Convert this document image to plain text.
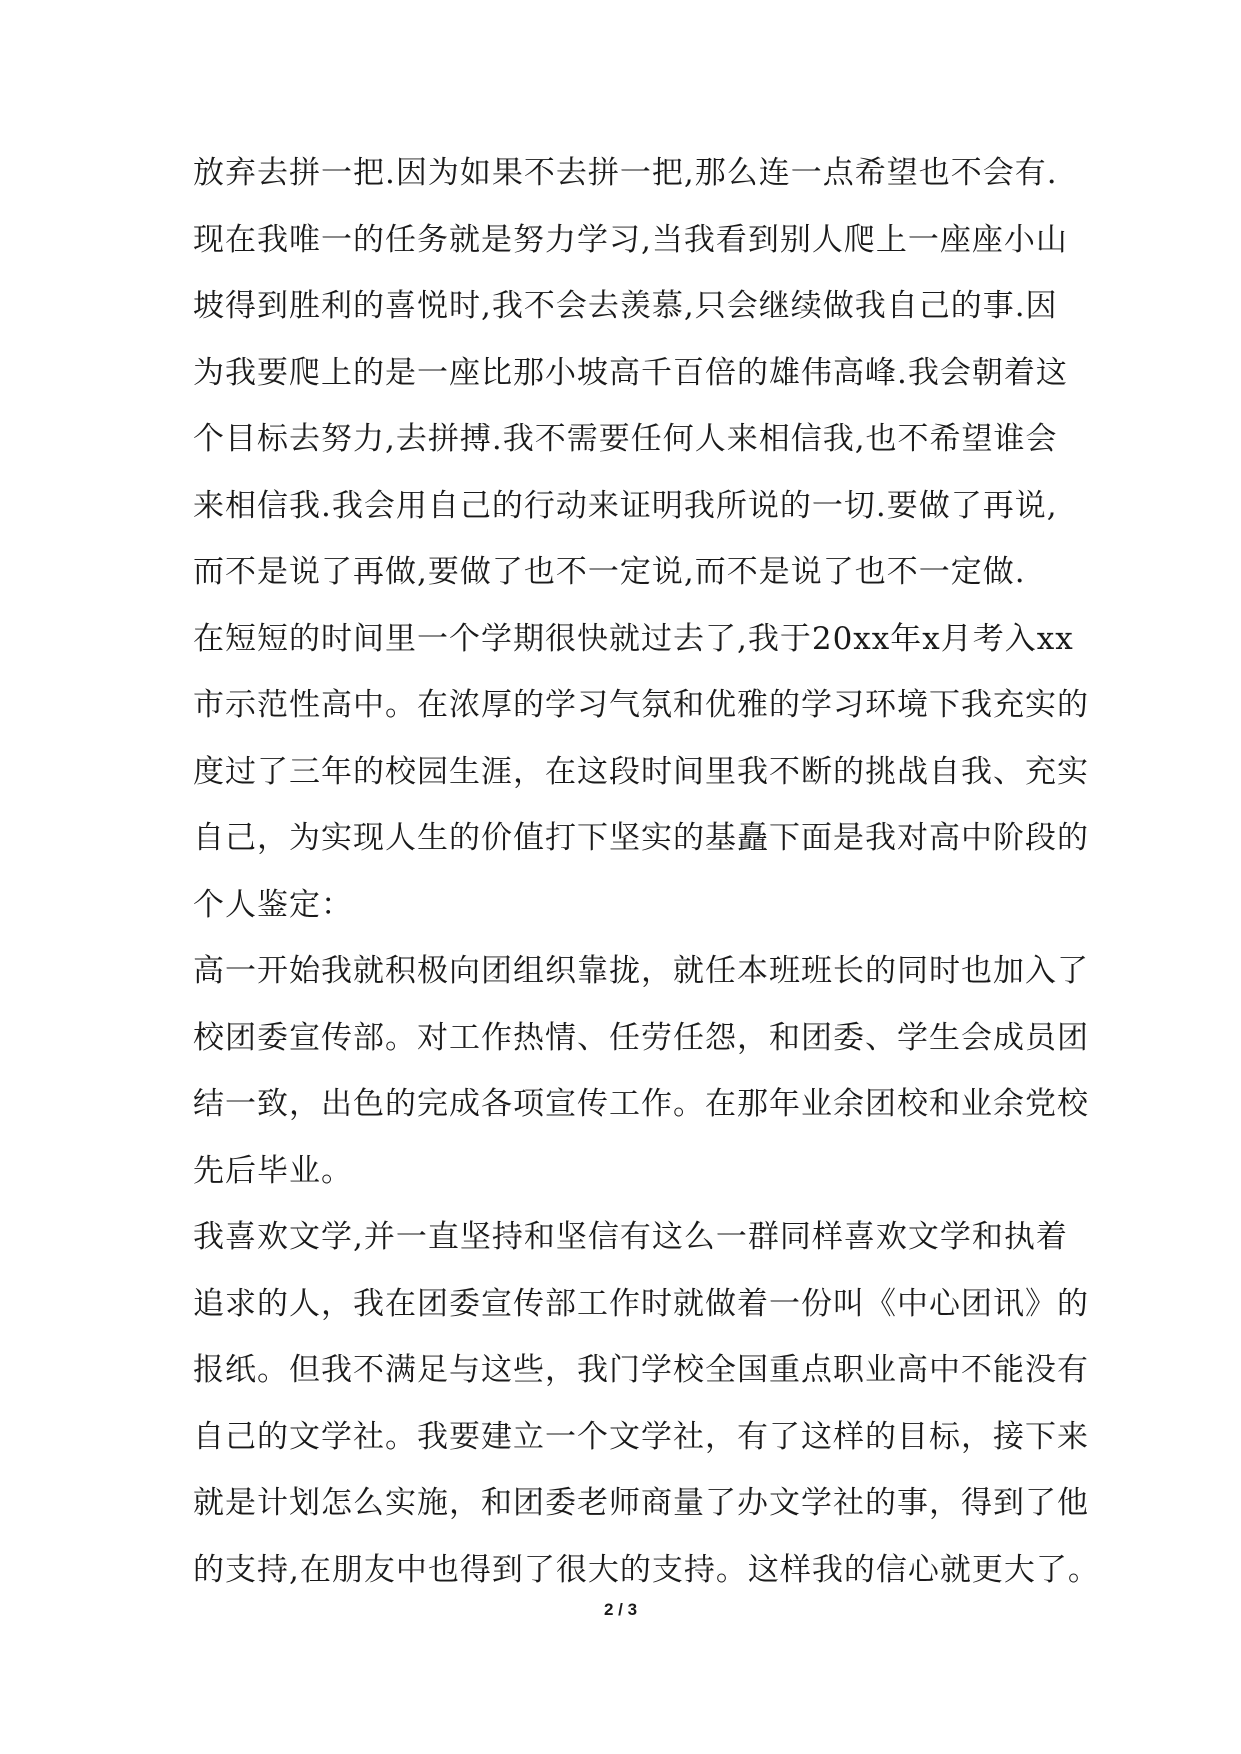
放弃去拼一把.因为如果不去拼一把,那么连一点希望也不会有.
现在我唯一的任务就是努力学习,当我看到别人爬上一座座小山
坡得到胜利的喜悦时,我不会去羡慕,只会继续做我自己的事.因
为我要爬上的是一座比那小坡高千百倍的雄伟高峰.我会朝着这
个目标去努力,去拼搏.我不需要任何人来相信我,也不希望谁会
来相信我.我会用自己的行动来证明我所说的一切.要做了再说,
而不是说了再做,要做了也不一定说,而不是说了也不一定做.
在短短的时间里一个学期很快就过去了,我于20xx年x月考入xx
市示范性高中。在浓厚的学习气氛和优雅的学习环境下我充实的
度过了三年的校园生涯，在这段时间里我不断的挑战自我、充实
自己，为实现人生的价值打下坚实的基矗下面是我对高中阶段的
个人鉴定：
高一开始我就积极向团组织靠拢，就任本班班长的同时也加入了
校团委宣传部。对工作热情、任劳任怨，和团委、学生会成员团
结一致，出色的完成各项宣传工作。在那年业余团校和业余党校
先后毕业。
我喜欢文学,并一直坚持和坚信有这么一群同样喜欢文学和执着
追求的人，我在团委宣传部工作时就做着一份叫《中心团讯》的
报纸。但我不满足与这些，我门学校全国重点职业高中不能没有
自己的文学社。我要建立一个文学社，有了这样的目标，接下来
就是计划怎么实施，和团委老师商量了办文学社的事，得到了他
的支持,在朋友中也得到了很大的支持。这样我的信心就更大了。
2 / 3
